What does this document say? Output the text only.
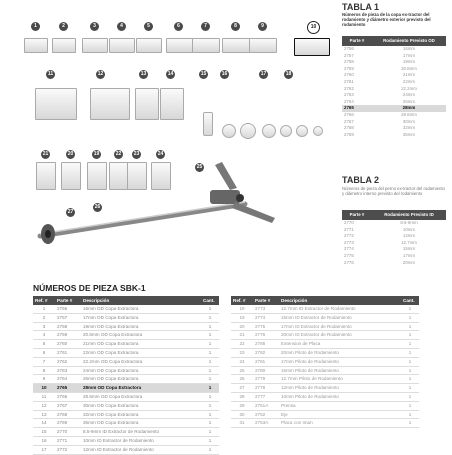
1	2	3	4	5	6	7	8	9	10
11	12	13	14	15	16	17	18
21	20	19	22	23	24
25
26
27
TABLA 1
Números de pieza de la copa ex-tractor del rodamiento y diámetro exterior previsto del rodamiento
Parte #	Rodamiento Previsto OD
2756	16mm
2757	17mm
2758	19mm
2759	20.8mm
2760	21mm
2761	22mm
2762	22.2mm
2763	24mm
2764	26mm
2765	28mm
2766	28.6mm
2767	30mm
2768	32mm
2769	35mm
TABLA 2
Números de pieza del perno ex-tractor del rodamiento y diámetro interno previsto del rodamiento
Parte #	Rodamiento Previsto ID
2770	8.5-9mm
2771	10mm
2772	12mm
2773	12.7mm
2774	15mm
2775	17mm
2776	20mm
NÚMEROS DE PIEZA SBK-1
Ref. #	Parte #	Descripción	Cant.
1	2756	16mm OD Copa Extractora	1
2	2757	17mm OD Copa Extractora	1
3	2758	19mm OD Copa Extractora	1
4	2759	20.8mm OD Copa Extractora	1
5	2760	21mm OD Copa Extractora	1
6	2761	22mm OD Copa Extractora	1
7	2762	22.2mm OD Copa Extractora	1
8	2763	24mm OD Copa Extractora	1
9	2764	26mm OD Copa Extractora	1
10	2765	28mm OD Copa Extractora	1
11	2766	28.6mm OD Copa Extractora	1
12	2767	30mm OD Copa Extractora	1
13	2768	32mm OD Copa Extractora	1
14	2769	35mm OD Copa Extractora	1
15	2770	8.5-9mm ID Extractor de Rodamiento	1
16	2771	10mm ID Extractor de Rodamiento	1
17	2772	12mm ID Extractor de Rodamiento	1
Ref. #	Parte #	Descripción	Cant.
18	2773	12.7mm ID Extractor de Rodamiento	1
19	2774	15mm ID Extractor de Rodamiento	1
20	2775	17mm ID Extractor de Rodamiento	1
21	2776	20mm ID Extractor de Rodamiento	1
22	2788	Extension de Placa	1
23	2782	20mm Piloto de Rodamiento	1
24	2781	17mm Piloto de Rodamiento	1
25	2780	15mm Piloto de Rodamiento	1
26	2779	12.7mm Piloto de Rodamiento	1
27	2778	12mm Piloto de Rodamiento	1
28	2777	10mm Piloto de Rodamiento	1
29	2751A	Prensa	1
30	2752	Eje	1
31	2753A	Placa con Iman	1
